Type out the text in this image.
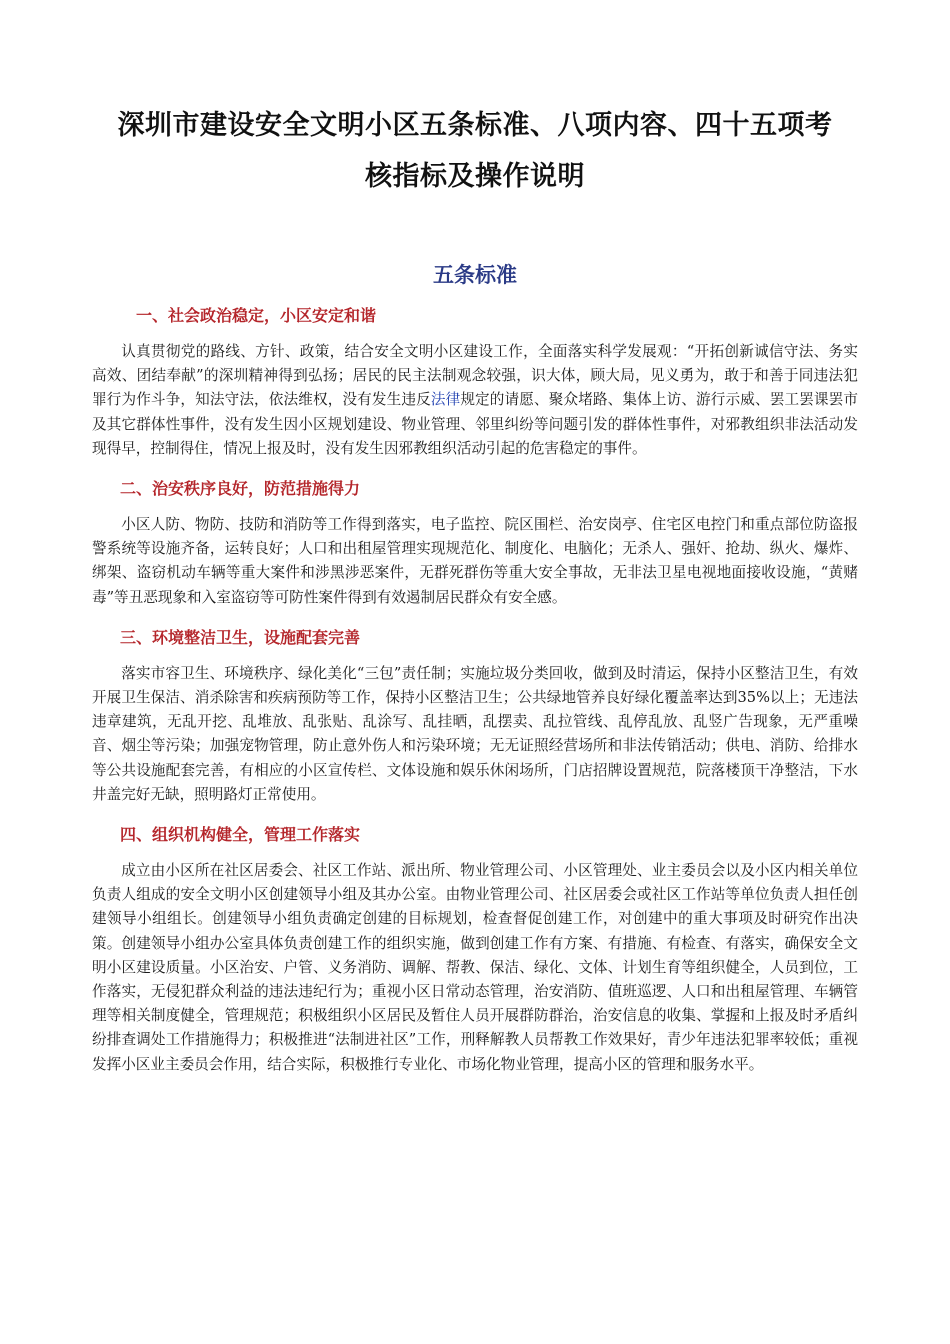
深圳市建设安全文明小区五条标准、八项内容、四十五项考
核指标及操作说明
五条标准
一、社会政治稳定，小区安定和谐

认真贯彻党的路线、方针、政策，结合安全文明小区建设工作，全面落实科学发展观：“开拓创新诚信守法、务实高效、团结奉献”的深圳精神得到弘扬；居民的民主法制观念较强，识大体，顾大局，见义勇为，敢于和善于同违法犯罪行为作斗争，知法守法，依法维权，没有发生违反法律规定的请愿、聚众堵路、集体上访、游行示威、罢工罢课罢市及其它群体性事件，没有发生因小区规划建设、物业管理、邻里纠纷等问题引发的群体性事件，对邪教组织非法活动发现得早，控制得住，情况上报及时，没有发生因邪教组织活动引起的危害稳定的事件。

二、治安秩序良好，防范措施得力

小区人防、物防、技防和消防等工作得到落实，电子监控、院区围栏、治安岗亭、住宅区电控门和重点部位防盗报警系统等设施齐备，运转良好；人口和出租屋管理实现规范化、制度化、电脑化；无杀人、强奸、抢劫、纵火、爆炸、绑架、盗窃机动车辆等重大案件和涉黑涉恶案件，无群死群伤等重大安全事故，无非法卫星电视地面接收设施，“黄赌毒”等丑恶现象和入室盗窃等可防性案件得到有效遏制居民群众有安全感。

三、环境整洁卫生，设施配套完善

落实市容卫生、环境秩序、绿化美化“三包”责任制；实施垃圾分类回收，做到及时清运，保持小区整洁卫生，有效开展卫生保洁、消杀除害和疾病预防等工作，保持小区整洁卫生；公共绿地管养良好绿化覆盖率达到35%以上；无违法违章建筑，无乱开挖、乱堆放、乱张贴、乱涂写、乱挂晒，乱摆卖、乱拉管线、乱停乱放、乱竖广告现象，无严重噪音、烟尘等污染；加强宠物管理，防止意外伤人和污染环境；无无证照经营场所和非法传销活动；供电、消防、给排水等公共设施配套完善，有相应的小区宣传栏、文体设施和娱乐休闲场所，门店招牌设置规范，院落楼顶干净整洁，下水井盖完好无缺，照明路灯正常使用。

四、组织机构健全，管理工作落实

成立由小区所在社区居委会、社区工作站、派出所、物业管理公司、小区管理处、业主委员会以及小区内相关单位负责人组成的安全文明小区创建领导小组及其办公室。由物业管理公司、社区居委会或社区工作站等单位负责人担任创建领导小组组长。创建领导小组负责确定创建的目标规划，检查督促创建工作，对创建中的重大事项及时研究作出决策。创建领导小组办公室具体负责创建工作的组织实施，做到创建工作有方案、有措施、有检查、有落实，确保安全文明小区建设质量。小区治安、户管、义务消防、调解、帮教、保洁、绿化、文体、计划生育等组织健全，人员到位，工作落实，无侵犯群众利益的违法违纪行为；重视小区日常动态管理，治安消防、值班巡逻、人口和出租屋管理、车辆管理等相关制度健全，管理规范；积极组织小区居民及暂住人员开展群防群治，治安信息的收集、掌握和上报及时矛盾纠纷排查调处工作措施得力；积极推进“法制进社区”工作，刑释解教人员帮教工作效果好，青少年违法犯罪率较低；重视发挥小区业主委员会作用，结合实际，积极推行专业化、市场化物业管理，提高小区的管理和服务水平。
